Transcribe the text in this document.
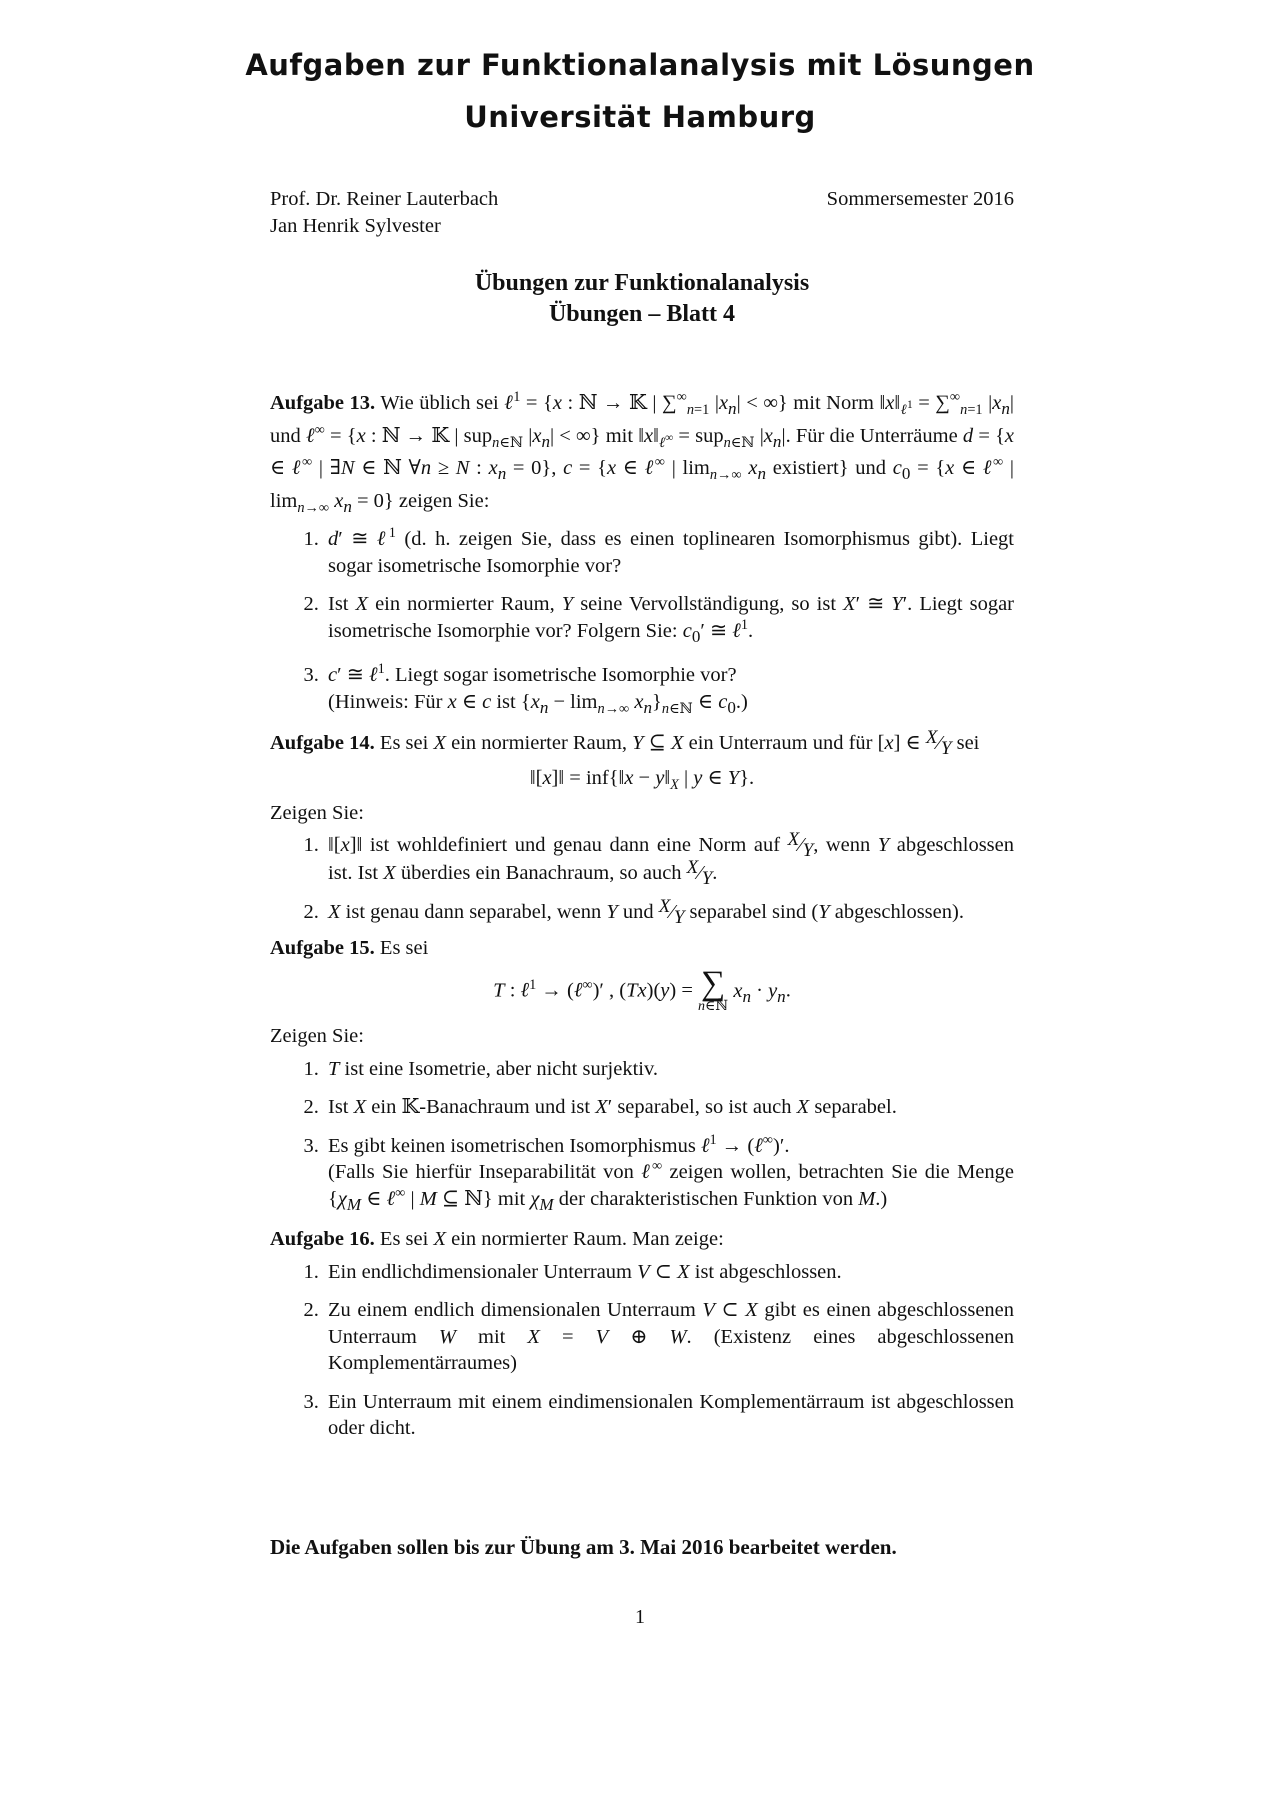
Aufgaben zur Funktionalanalysis mit Lösungen
Universität Hamburg
Prof. Dr. Reiner Lauterbach
Jan Henrik Sylvester
Sommersemester 2016
Übungen zur Funktionalanalysis
Übungen – Blatt 4

Aufgabe 13. Wie üblich sei ℓ$^1$ = {x : ℕ → 𝕂 | $\sum^\infty_{n=1}$ $|x_n|$ < ∞} mit Norm $‖x‖_{\ell^1} = \sum^\infty_{n=1}$ $|x_n|$ und ℓ∞ = {x : ℕ → 𝕂 | sup$_{n\in ℕ}$ $|x_n|$ < ∞} mit $‖x‖_{\ell^\infty} = sup_{n\in ℕ}$ $|x_n|$. Für die Unterräume d = {x ∈ ℓ∞ | ∃N ∈ ℕ ∀n ≥ N : $x_n = 0$}, c = {x ∈ ℓ∞ | $\lim_{n\to\infty} x_n$ existiert} und $c_0 = \{x$ ∈ ℓ∞ | $\lim_{n\to\infty} x_n = 0$} zeigen Sie:

1. d′ ≅ ℓ$^1$ (d. h. zeigen Sie, dass es einen toplinearen Isomorphismus gibt). Liegt sogar isometrische Isomorphie vor?
2. Ist X ein normierter Raum, Y seine Vervollständigung, so ist X′ ≅ Y′. Liegt sogar isometrische Isomorphie vor? Folgern Sie: $c_0'$ ≅ ℓ$^1$.
3. c′ ≅ ℓ$^1$. Liegt sogar isometrische Isomorphie vor?
(Hinweis: Für x ∈ c ist $\{x_n - \lim_{n\to\infty} x_n\}_{n\in ℕ}$ ∈ $c_0$.)

Aufgabe 14. Es sei X ein normierter Raum, Y ⊆ X ein Unterraum und für [x] ∈ X⁄Y sei

‖[x]‖ = inf{‖x − $y‖_X$ | y ∈ Y}.

Zeigen Sie:

1. ‖[x]‖ ist wohldefiniert und genau dann eine Norm auf X⁄Y, wenn Y abgeschlossen ist. Ist X überdies ein Banachraum, so auch X⁄Y.
2. X ist genau dann separabel, wenn Y und X⁄Y separabel sind (Y abgeschlossen).

Aufgabe 15. Es sei

T : ℓ$^1$ → (ℓ∞)′ , (Tx)(y) = ∑
n∈ℕ
$x_n \cdot y_n$.

Zeigen Sie:

1. T ist eine Isometrie, aber nicht surjektiv.
2. Ist X ein 𝕂-Banachraum und ist X′ separabel, so ist auch X separabel.
3. Es gibt keinen isometrischen Isomorphismus ℓ$^1$ → (ℓ∞)′.
(Falls Sie hierfür Inseparabilität von ℓ∞ zeigen wollen, betrachten Sie die Menge {$\chi_M$ ∈ ℓ∞ | M ⊆ ℕ} mit $\chi_M$ der charakteristischen Funktion von M.)

Aufgabe 16. Es sei X ein normierter Raum. Man zeige:

1. Ein endlichdimensionaler Unterraum V ⊂ X ist abgeschlossen.
2. Zu einem endlich dimensionalen Unterraum V ⊂ X gibt es einen abgeschlossenen Unterraum W mit X = V ⊕ W. (Existenz eines abgeschlossenen Komplementärraumes)
3. Ein Unterraum mit einem eindimensionalen Komplementärraum ist abgeschlossen oder dicht.
Die Aufgaben sollen bis zur Übung am 3. Mai 2016 bearbeitet werden.
1
